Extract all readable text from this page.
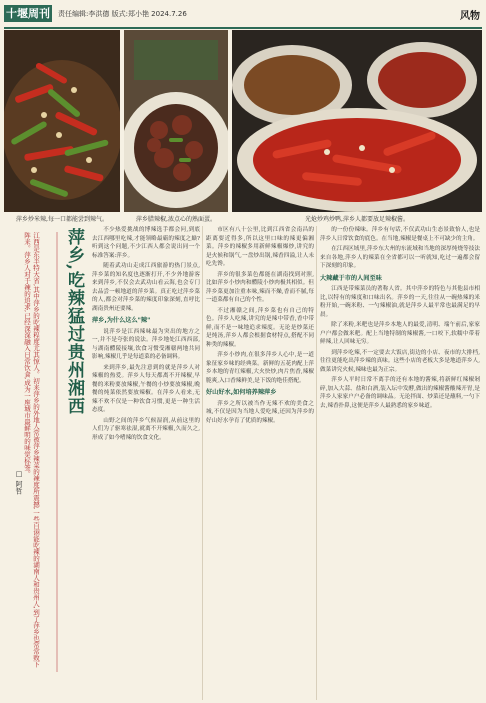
十堰周刊 责任编辑:李洪德 版式:郑小艳 2024.7.26	风物
萍乡炒米辣,每一口都能尝到辣气。	萍乡腊辣椒,浓点心的熟面蛋。	光炝炒鸡炒鸭,萍乡人都要放足辣椒酱。
□ 阿哲	江西是东半特大省,其中萍乡的吃辣程度尤其惊人。初来萍乡的外地人常被萍乡辣菜的辣度所震撼,一些自诩能吃辣的湖南人和贵州人,到了萍乡也常常败下阵来。萍乡人对于辣的追求,已经深深融入日常饮食,成为一座城市最鲜明的味觉标签。	萍乡,吃辣猛过贵州湘西	不少热爱挑战的博辣选手都会问,到底去江西哪里吃辣,才能领略最霸的辣度之巅?听到这个问题,不少江西人都会说出同一个标准答案:萍乡。

随着武功山走成江西旅游的热门景点,萍乡菜的知名度也逐渐打开,不少外地游客来到萍乡,不仅会去武功山看云海,也会专门去品尝一顿地道的萍乡菜。真正吃过萍乡菜的人,都会对萍乡菜的辣度印象深刻,直呼比湖南贵州还要辣。

萍乡,为什么这么"辣"

说萍乡是江西辣味最为突出的地方之一,并不是夸张的说法。萍乡地处江西西部,与湖南醴陵接壤,饮食习惯受湘赣两地共同影响,辣椒几乎是每道菜的必备调料。

来到萍乡,最先注意到的就是萍乡人对辣椒的热爱。萍乡人每天都离不开辣椒,早餐的米粉要放辣椒,午餐的小炒要放辣椒,晚餐的炖菜依然要放辣椒。在萍乡人看来,无辣不欢不仅是一种饮食习惯,更是一种生活态度。

山野之间的萍乡气候湿润,从前这里的人们为了驱寒祛湿,就离不开辣椒,久而久之,形成了如今嗜辣的饮食文化。

市区有八十公里,比到江西省会南昌的距离要近得多,所以这里口味的辣更偏湘菜。萍乡的辣椒多用新鲜辣椒爆炒,讲究的是火候和锅气,一盘炒出锅,辣香四溢,让人未吃先馋。

萍乡的很多菜色都能在湖南找到对照,比如萍乡小炒肉和醴陵小炒肉极其相似。但萍乡菜更加注重本味,辣而不燥,香而不腻,每一道菜都有自己的个性。

不过湘赣之间,萍乡菜也有自己的特色。萍乡人吃辣,讲究的是辣中带香,香中带鲜,而不是一味地追求辣度。无论是炒菜还是炖汤,萍乡人都会根据食材特点,搭配不同种类的辣椒。

萍乡小炒肉,在很多萍乡人心中,是一道象征家乡味的经典菜。新鲜的五花肉配上萍乡本地的青红辣椒,大火快炒,肉片焦香,辣椒脆爽,入口香辣鲜美,是下饭的绝佳搭配。

好山好水,如何培养辣萍乡

萍乡之所以被当作无辣不欢的美食之城,不仅是因为当地人爱吃辣,还因为萍乡的好山好水孕育了优质的辣椒。

的一份份辣味。萍乡有句话,不仅武功山生态景致怡人,也是萍乡人日常饮食的底色。在当地,辣椒是餐桌上不可缺少的主角。

在江西区域里,萍乡东大州的东流域和当地的深厚炖烧等技法来自各地,萍乡人的辣菜在全省都可以一听就知,吃过一遍都会留下深刻的印象。

大辣藏于市的人间至味

江西是带辣菜员的著称人省。其中萍乡的特色与其他县市相比,以特有的辣度和口味出名。萍乡的一天,往往从一碗热辣的米粉开始,一碗米粉、一勺辣椒油,就是萍乡人最平常也最满足的早晨。

除了米粉,米粑也是萍乡本地人的最爱,清明、端午前后,家家户户都会做米粑。配上当地特制的辣椒酱,一口咬下,软糯中带着鲜辣,让人回味无穷。

到萍乡吃辣,不一定要去大饭店,街边的小店、夜市的大排档,往往更能吃出萍乡辣的真味。这些小店的老板大多是地道萍乡人,做菜讲究火候,辣味也最为正宗。

萍乡人平时日常不离手的还有本地的酱辣,将新鲜红辣椒剁碎,加入大蒜、盐和白酒,装入坛中发酵,做出的辣椒酱酸辣开胃,是萍乡人家家户户必备的调味品。无论拌面、炒菜还是蘸料,一勺下去,辣香扑鼻,这便是萍乡人最熟悉的家乡味道。
